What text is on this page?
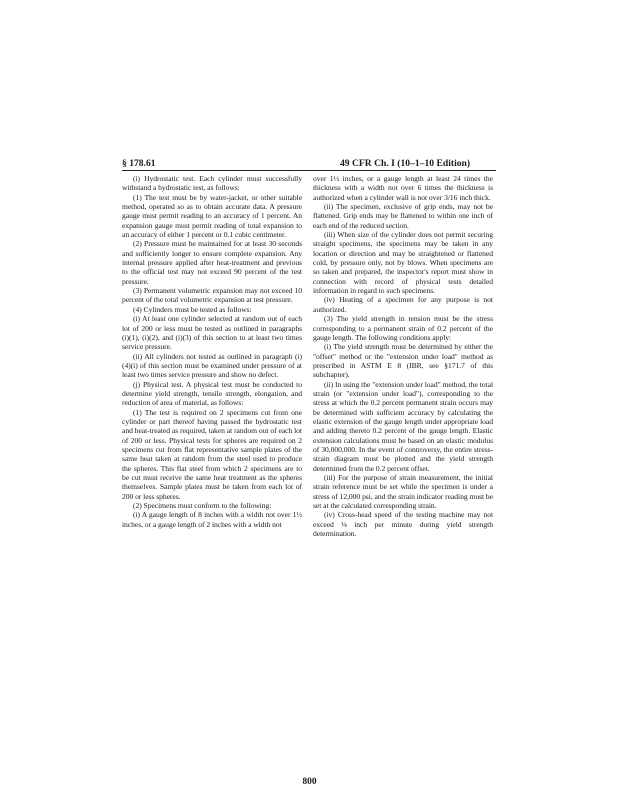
§ 178.61	49 CFR Ch. I (10–1–10 Edition)

(i) Hydrostatic test. Each cylinder must successfully withstand a hydrostatic test, as follows:

(1) The test must be by water-jacket, or other suitable method, operated so as to obtain accurate data. A pressure gauge must permit reading to an accuracy of 1 percent. An expansion gauge must permit reading of total expansion to an accuracy of either 1 percent or 0.1 cubic centimeter.

(2) Pressure must be maintained for at least 30 seconds and sufficiently longer to ensure complete expansion. Any internal pressure applied after heat-treatment and previous to the official test may not exceed 90 percent of the test pressure.

(3) Permanent volumetric expansion may not exceed 10 percent of the total volumetric expansion at test pressure.

(4) Cylinders must be tested as follows:

(i) At least one cylinder selected at random out of each lot of 200 or less must be tested as outlined in paragraphs (i)(1), (i)(2), and (i)(3) of this section to at least two times service pressure.

(ii) All cylinders not tested as outlined in paragraph (i)(4)(i) of this section must be examined under pressure of at least two times service pressure and show no defect.

(j) Physical test. A physical test must be conducted to determine yield strength, tensile strength, elongation, and reduction of area of material, as follows:

(1) The test is required on 2 specimens cut from one cylinder or part thereof having passed the hydrostatic test and heat-treated as required, taken at random out of each lot of 200 or less. Physical tests for spheres are required on 2 specimens cut from flat representative sample plates of the same heat taken at random from the steel used to produce the spheres. This flat steel from which 2 specimens are to be cut must receive the same heat treatment as the spheres themselves. Sample plates must be taken from each lot of 200 or less spheres.

(2) Specimens must conform to the following:

(i) A gauge length of 8 inches with a width not over 1½ inches, or a gauge length of 2 inches with a width not

over 1½ inches, or a gauge length at least 24 times the thickness with a width not over 6 times the thickness is authorized when a cylinder wall is not over 3/16 inch thick.

(ii) The specimen, exclusive of grip ends, may not be flattened. Grip ends may be flattened to within one inch of each end of the reduced section.

(iii) When size of the cylinder does not permit securing straight specimens, the specimens may be taken in any location or direction and may be straightened or flattened cold, by pressure only, not by blows. When specimens are so taken and prepared, the inspector's report must show in connection with record of physical tests detailed information in regard to such specimens.

(iv) Heating of a specimen for any purpose is not authorized.

(3) The yield strength in tension must be the stress corresponding to a permanent strain of 0.2 percent of the gauge length. The following conditions apply:

(i) The yield strength must be determined by either the "offset" method or the "extension under load" method as prescribed in ASTM E 8 (IBR, see §171.7 of this subchapter).

(ii) In using the "extension under load" method, the total strain (or "extension under load"), corresponding to the stress at which the 0.2 percent permanent strain occurs may be determined with sufficient accuracy by calculating the elastic extension of the gauge length under appropriate load and adding thereto 0.2 percent of the gauge length. Elastic extension calculations must be based on an elastic modulus of 30,000,000. In the event of controversy, the entire stress-strain diagram must be plotted and the yield strength determined from the 0.2 percent offset.

(iii) For the purpose of strain measurement, the initial strain reference must be set while the specimen is under a stress of 12,000 psi, and the strain indicator reading must be set at the calculated corresponding strain.

(iv) Cross-head speed of the testing machine may not exceed ⅛ inch per minute during yield strength determination.

800
